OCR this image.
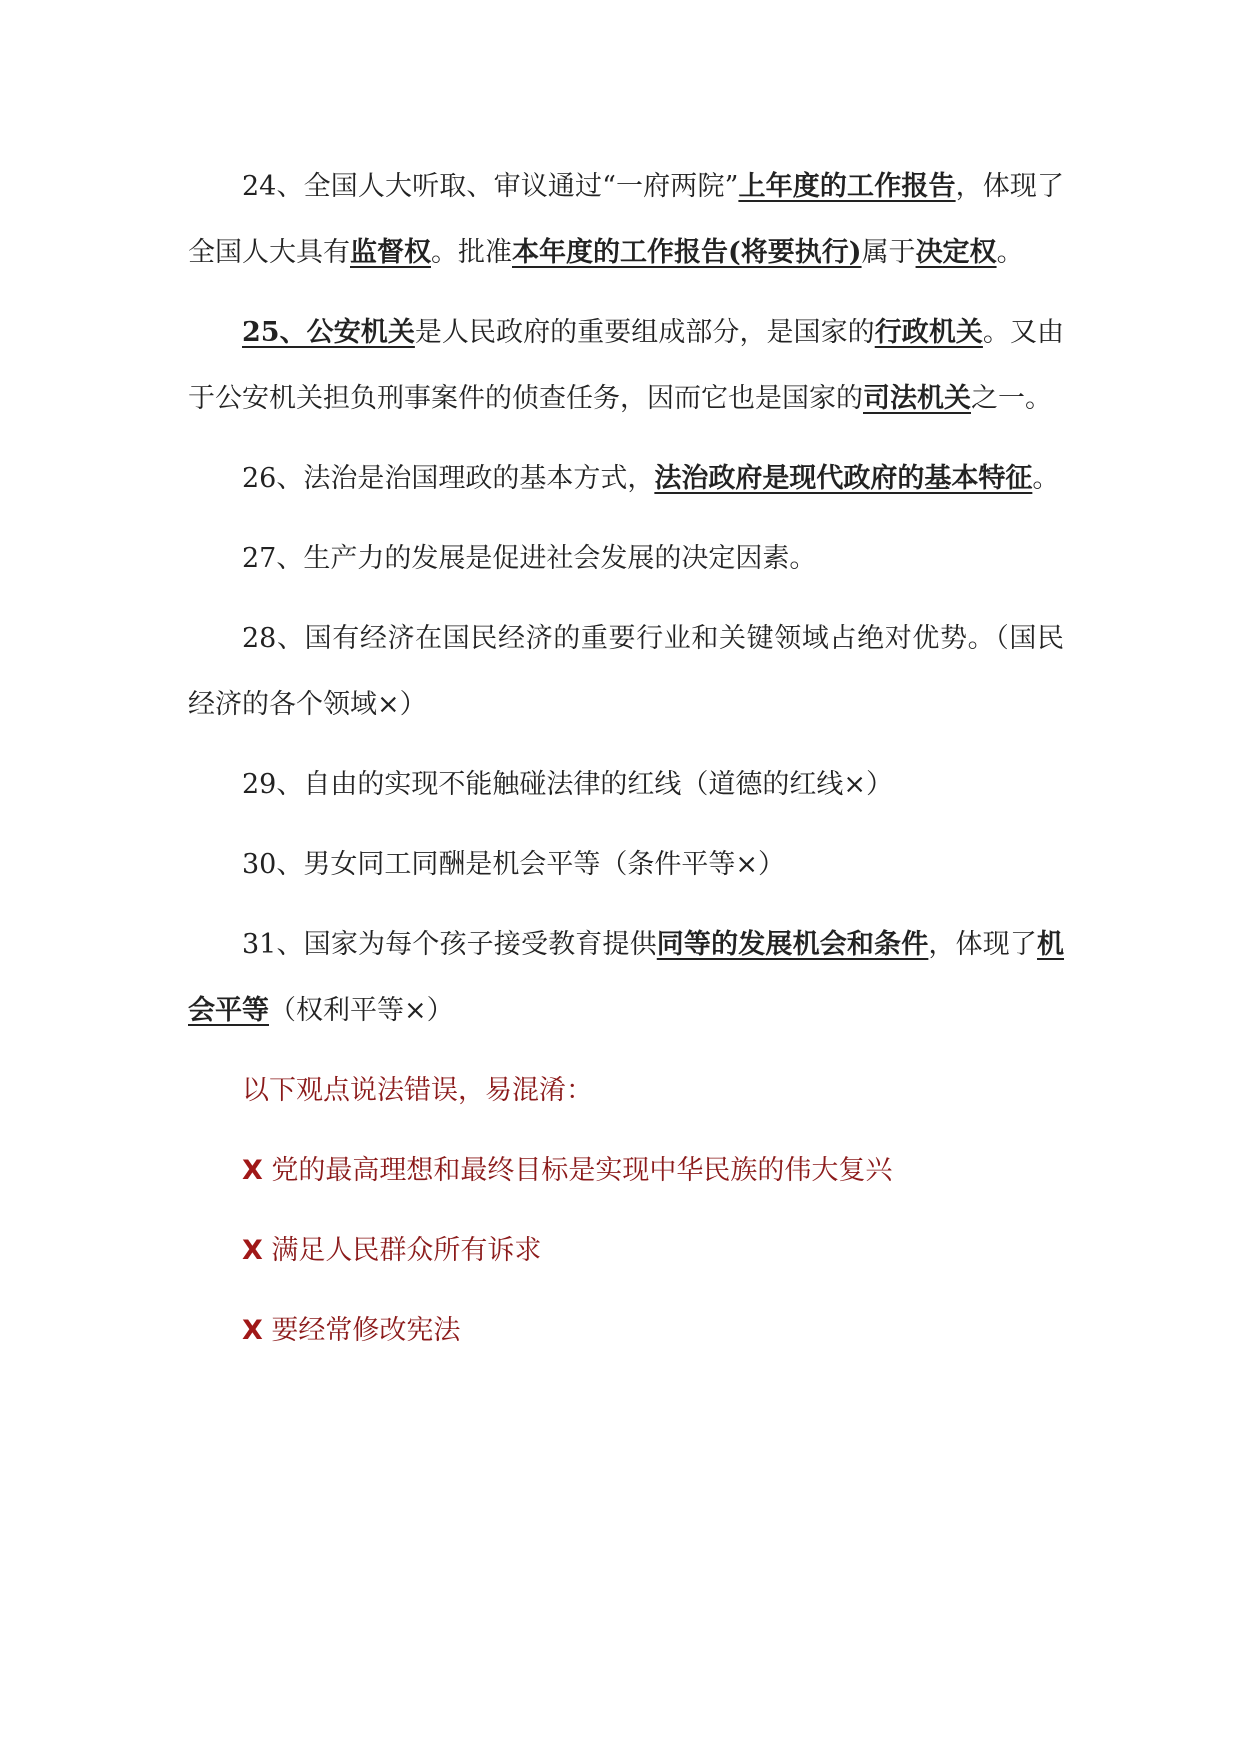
24、全国人大听取、审议通过“一府两院”上年度的工作报告，体现了全国人大具有监督权。批准本年度的工作报告(将要执行)属于决定权。

25、公安机关是人民政府的重要组成部分，是国家的行政机关。又由于公安机关担负刑事案件的侦查任务，因而它也是国家的司法机关之一。

26、法治是治国理政的基本方式，法治政府是现代政府的基本特征。

27、生产力的发展是促进社会发展的决定因素。

28、国有经济在国民经济的重要行业和关键领域占绝对优势。（国民经济的各个领域×）

29、自由的实现不能触碰法律的红线（道德的红线×）

30、男女同工同酬是机会平等（条件平等×）

31、国家为每个孩子接受教育提供同等的发展机会和条件，体现了机会平等（权利平等×）

以下观点说法错误，易混淆：

X 党的最高理想和最终目标是实现中华民族的伟大复兴

X 满足人民群众所有诉求

X 要经常修改宪法
